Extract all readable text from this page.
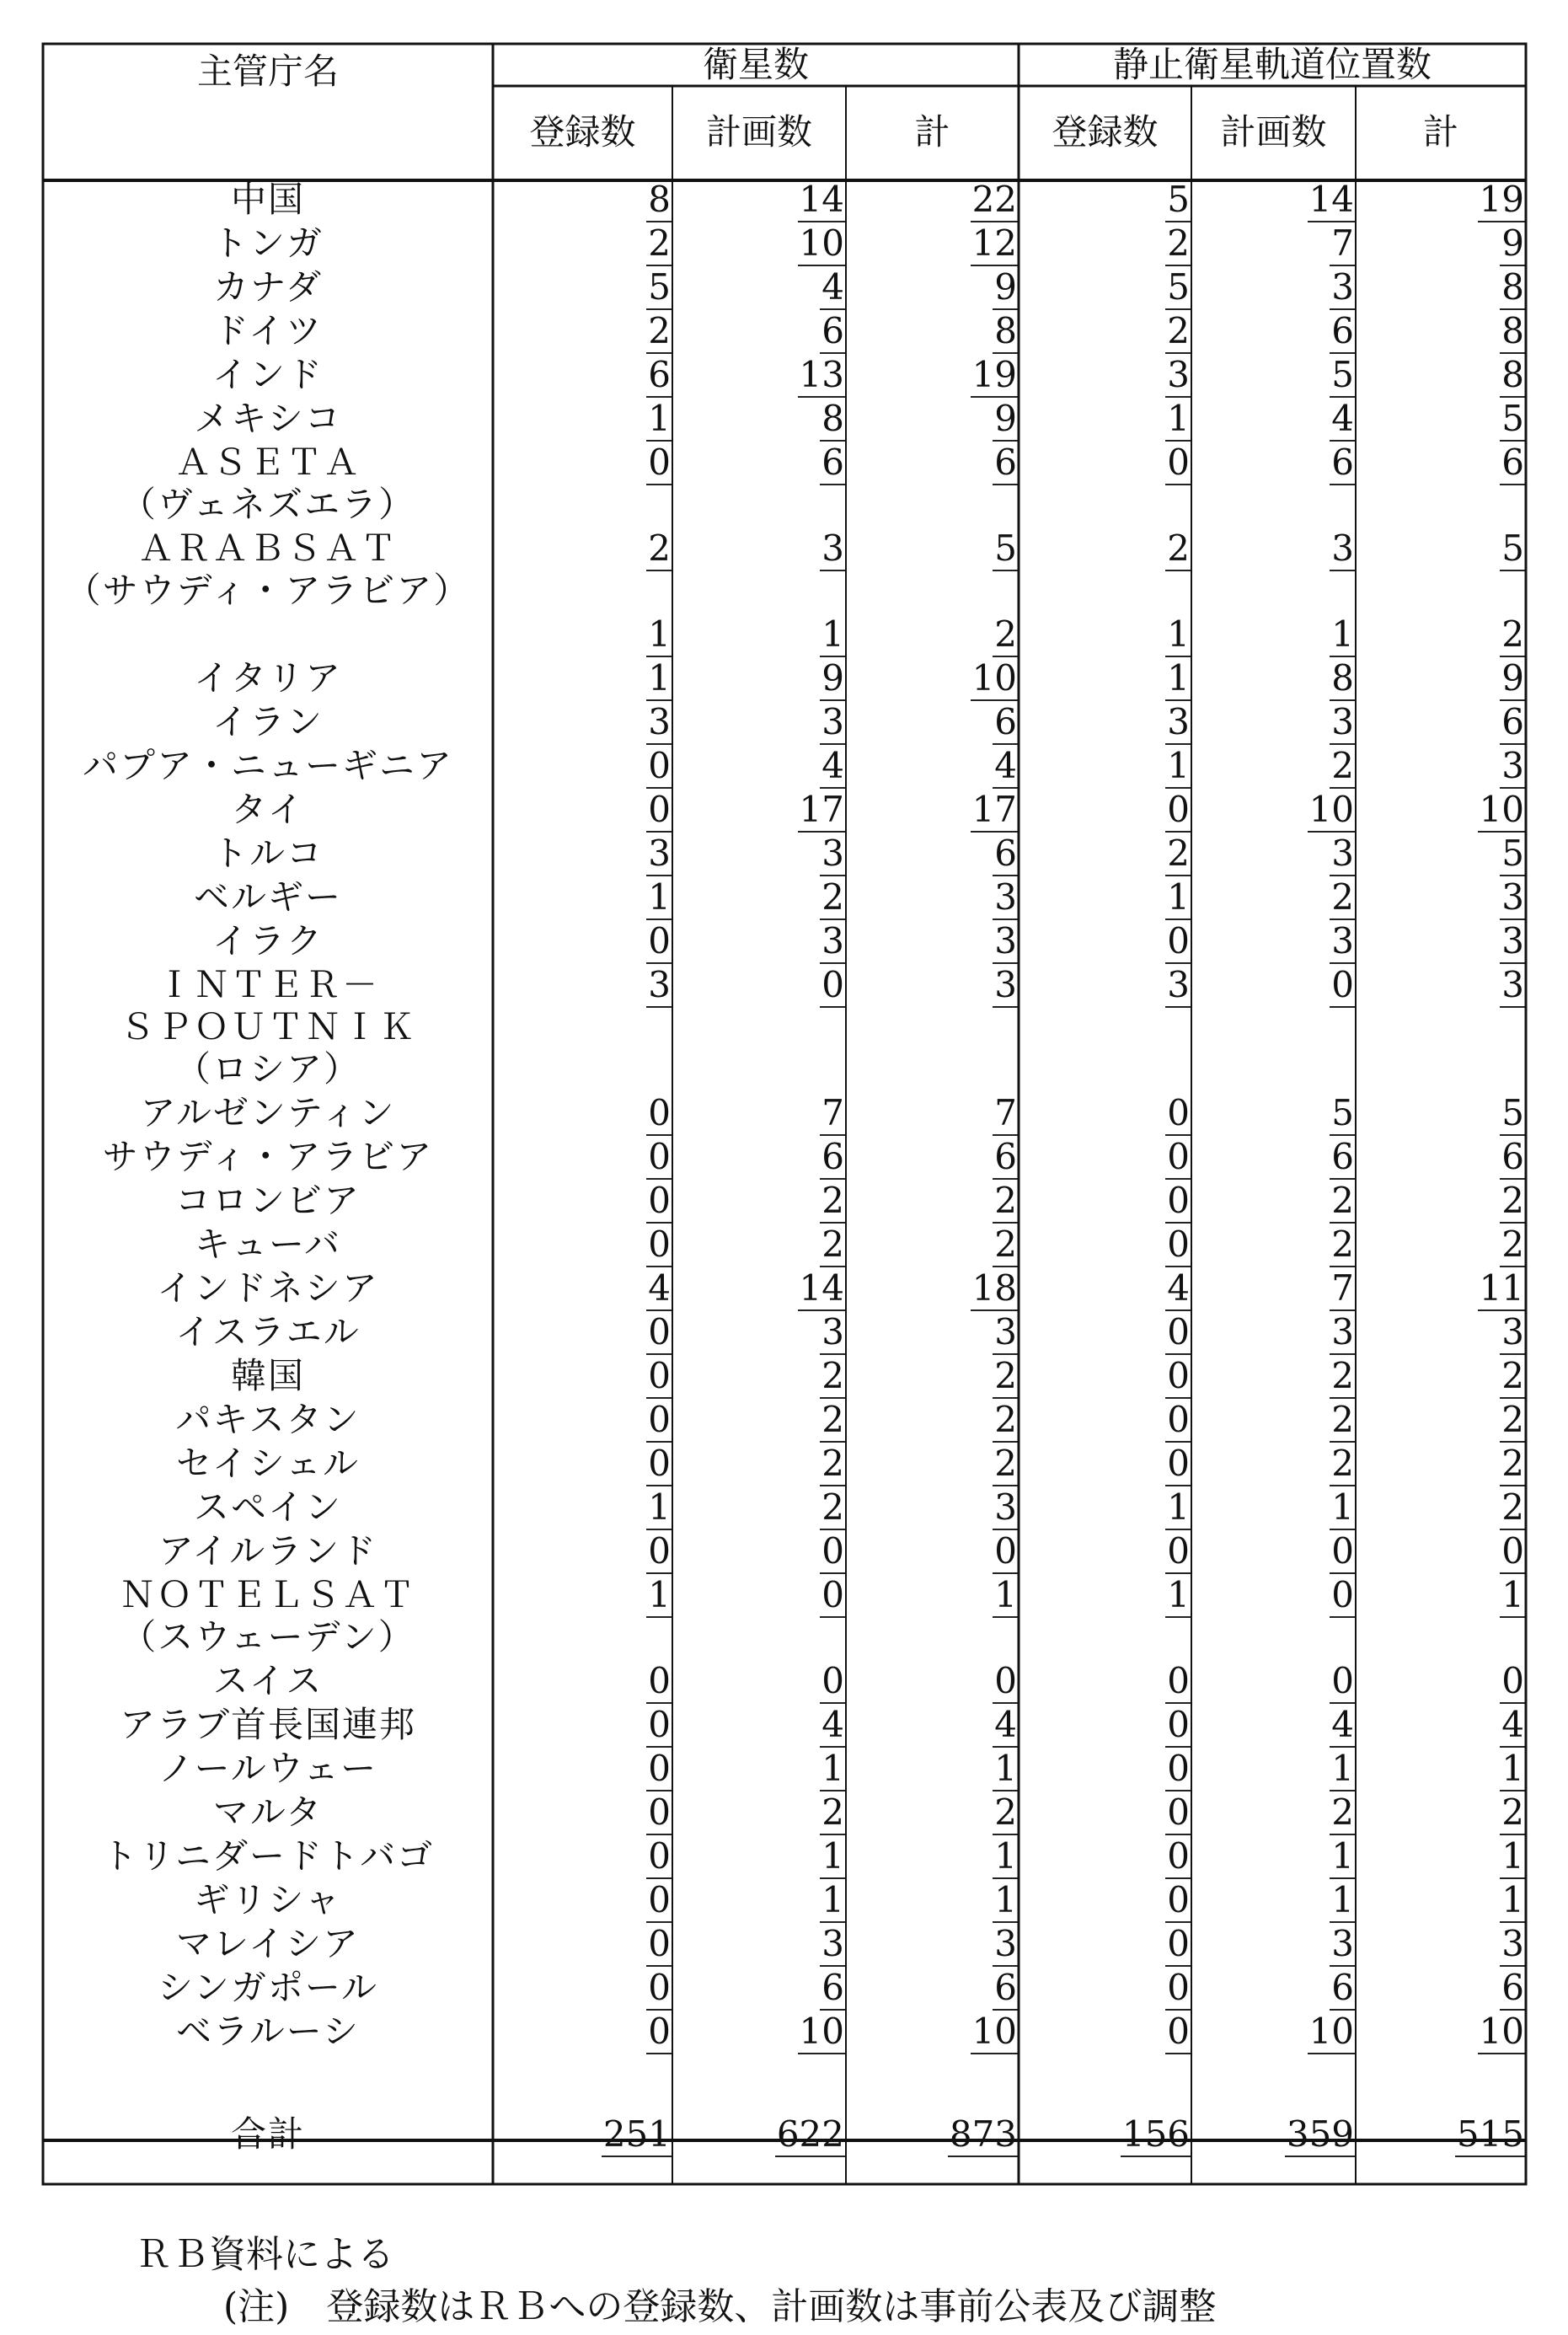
主管庁名	衛星数			静止衛星軌道位置数		
	登録数	計画数	計	登録数	計画数	計
中国	8	14	22	5	14	19
トンガ	2	10	12	2	7	9
カナダ	5	4	9	5	3	8
ドイツ	2	6	8	2	6	8
インド	6	13	19	3	5	8
メキシコ	1	8	9	1	4	5
ＡＳＥＴＡ
（ヴェネズエラ）	0	6	6	0	6	6
ＡＲＡＢＳＡＴ
（サウディ・アラビア）	2	3	5	2	3	5
	1	1	2	1	1	2
イタリア	1	9	10	1	8	9
イラン	3	3	6	3	3	6
パプア・ニューギニア	0	4	4	1	2	3
タイ	0	17	17	0	10	10
トルコ	3	3	6	2	3	5
ベルギー	1	2	3	1	2	3
イラク	0	3	3	0	3	3
ＩＮＴＥＲ－
ＳＰＯＵＴＮＩＫ
（ロシア）	3	0	3	3	0	3
アルゼンティン	0	7	7	0	5	5
サウディ・アラビア	0	6	6	0	6	6
コロンビア	0	2	2	0	2	2
キューバ	0	2	2	0	2	2
インドネシア	4	14	18	4	7	11
イスラエル	0	3	3	0	3	3
韓国	0	2	2	0	2	2
パキスタン	0	2	2	0	2	2
セイシェル	0	2	2	0	2	2
スペイン	1	2	3	1	1	2
アイルランド	0	0	0	0	0	0
ＮＯＴＥＬＳＡＴ
（スウェーデン）	1	0	1	1	0	1
スイス	0	0	0	0	0	0
アラブ首長国連邦	0	4	4	0	4	4
ノールウェー	0	1	1	0	1	1
マルタ	0	2	2	0	2	2
トリニダードトバゴ	0	1	1	0	1	1
ギリシャ	0	1	1	0	1	1
マレイシア	0	3	3	0	3	3
シンガポール	0	6	6	0	6	6
ベラルーシ	0	10	10	0	10	10

合計	251	622	873	156	359	515
ＲＢ資料による
(注)　登録数はＲＢへの登録数、計画数は事前公表及び調整
